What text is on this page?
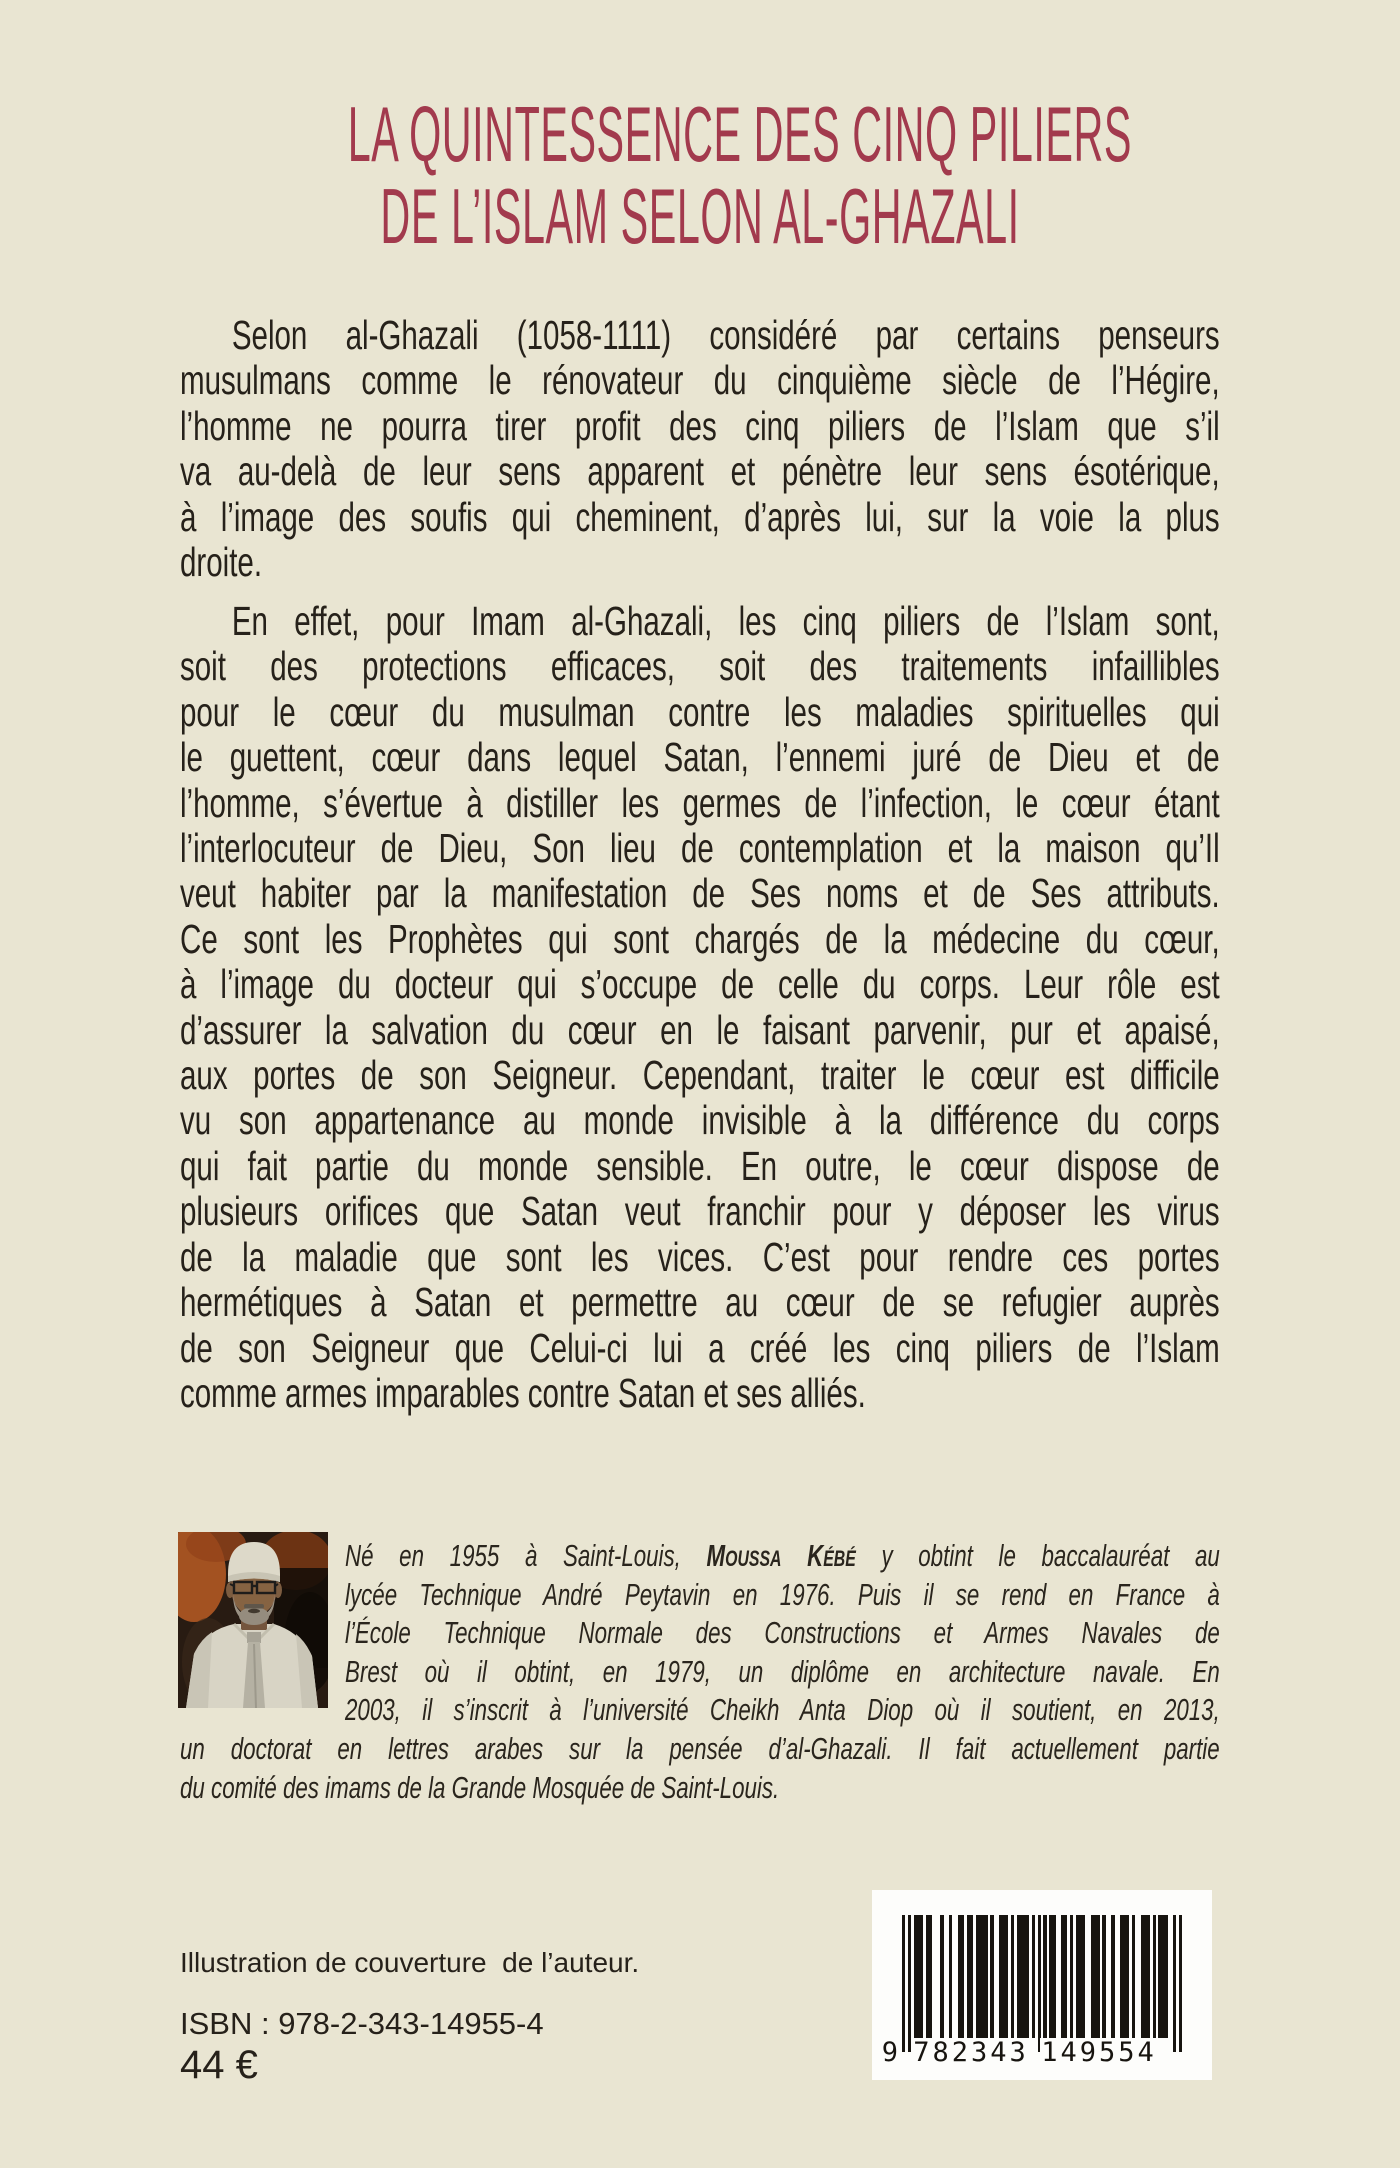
LA QUINTESSENCE DES CINQ PILIERS
DE L’ISLAM SELON AL-GHAZALI
Selon al-Ghazali (1058-1111) considéré par certains penseurs
musulmans comme le rénovateur du cinquième siècle de l’Hégire,
l’homme ne pourra tirer profit des cinq piliers de l’Islam que s’il
va au-delà de leur sens apparent et pénètre leur sens ésotérique,
à l’image des soufis qui cheminent, d’après lui, sur la voie la plus
droite.
En effet, pour Imam al-Ghazali, les cinq piliers de l’Islam sont,
soit des protections efficaces, soit des traitements infaillibles
pour le cœur du musulman contre les maladies spirituelles qui
le guettent, cœur dans lequel Satan, l’ennemi juré de Dieu et de
l’homme, s’évertue à distiller les germes de l’infection, le cœur étant
l’interlocuteur de Dieu, Son lieu de contemplation et la maison qu’Il
veut habiter par la manifestation de Ses noms et de Ses attributs.
Ce sont les Prophètes qui sont chargés de la médecine du cœur,
à l’image du docteur qui s’occupe de celle du corps. Leur rôle est
d’assurer la salvation du cœur en le faisant parvenir, pur et apaisé,
aux portes de son Seigneur. Cependant, traiter le cœur est difficile
vu son appartenance au monde invisible à la différence du corps
qui fait partie du monde sensible. En outre, le cœur dispose de
plusieurs orifices que Satan veut franchir pour y déposer les virus
de la maladie que sont les vices. C’est pour rendre ces portes
hermétiques à Satan et permettre au cœur de se refugier auprès
de son Seigneur que Celui-ci lui a créé les cinq piliers de l’Islam
comme armes imparables contre Satan et ses alliés.
Né en 1955 à Saint-Louis, Moussa Kébé y obtint le baccalauréat au
lycée Technique André Peytavin en 1976. Puis il se rend en France à
l’École Technique Normale des Constructions et Armes Navales de
Brest où il obtint, en 1979, un diplôme en architecture navale. En
2003, il s’inscrit à l’université Cheikh Anta Diop où il soutient, en 2013,
un doctorat en lettres arabes sur la pensée d’al-Ghazali. Il fait actuellement partie
du comité des imams de la Grande Mosquée de Saint-Louis.
Illustration de couverture  de l’auteur.
ISBN : 978-2-343-14955-4
44 €	9 782343 149554
